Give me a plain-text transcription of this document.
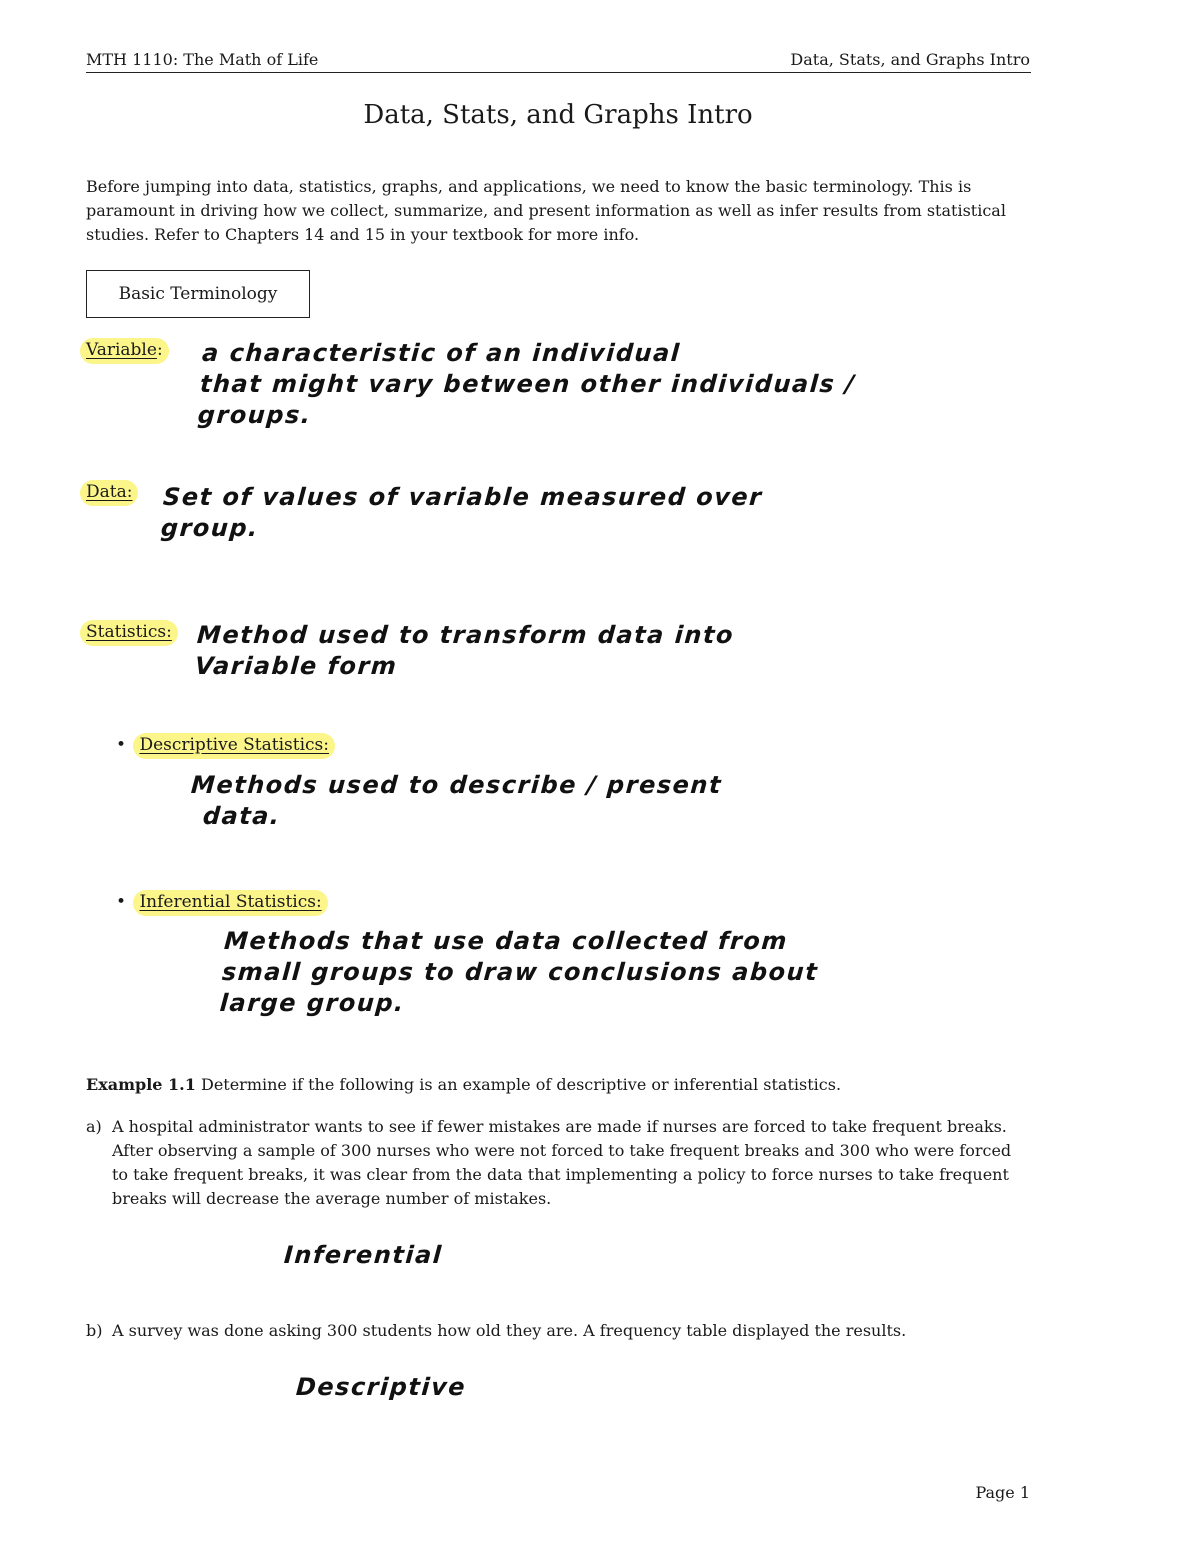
MTH 1110: The Math of Life	Data, Stats, and Graphs Intro
Data, Stats, and Graphs Intro
Before jumping into data, statistics, graphs, and applications, we need to know the basic terminology. This is paramount in driving how we collect, summarize, and present information as well as infer results from statistical studies. Refer to Chapters 14 and 15 in your textbook for more info.
Basic Terminology
Variable: a characteristic of an individual
that might vary between other individuals /
groups.
Data: Set of values of variable measured over
group.
Statistics: Method used to transform data into
Variable form
• Descriptive Statistics:
Methods used to describe / present
data.
• Inferential Statistics:
Methods that use data collected from
small groups to draw conclusions about
large group.
Example 1.1 Determine if the following is an example of descriptive or inferential statistics.
a) A hospital administrator wants to see if fewer mistakes are made if nurses are forced to take frequent breaks. After observing a sample of 300 nurses who were not forced to take frequent breaks and 300 who were forced to take frequent breaks, it was clear from the data that implementing a policy to force nurses to take frequent breaks will decrease the average number of mistakes.
Inferential
b) A survey was done asking 300 students how old they are. A frequency table displayed the results.
Descriptive
Page 1
